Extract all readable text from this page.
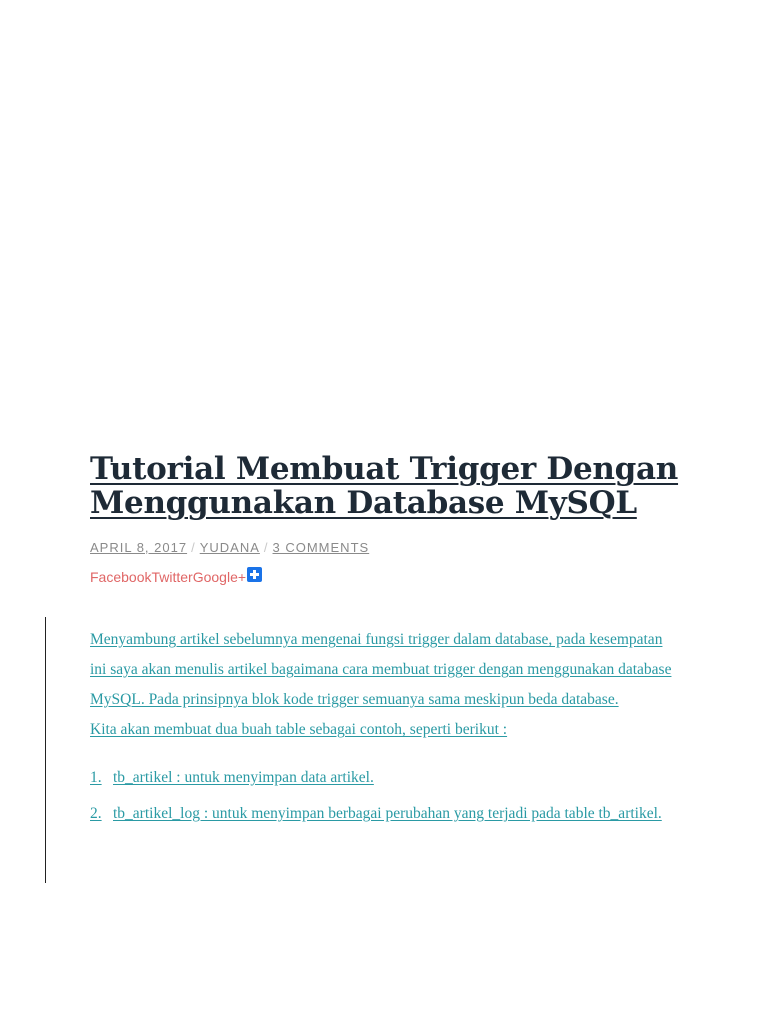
Tutorial Membuat Trigger Dengan Menggunakan Database MySQL
APRIL 8, 2017 / YUDANA / 3 COMMENTS
Facebook Twitter Google+

Menyambung artikel sebelumnya mengenai fungsi trigger dalam database, pada kesempatan ini saya akan menulis artikel bagaimana cara membuat trigger dengan menggunakan database MySQL. Pada prinsipnya blok kode trigger semuanya sama meskipun beda database.

Kita akan membuat dua buah table sebagai contoh, seperti berikut :

1. tb_artikel : untuk menyimpan data artikel.
2. tb_artikel_log : untuk menyimpan berbagai perubahan yang terjadi pada table tb_artikel.
